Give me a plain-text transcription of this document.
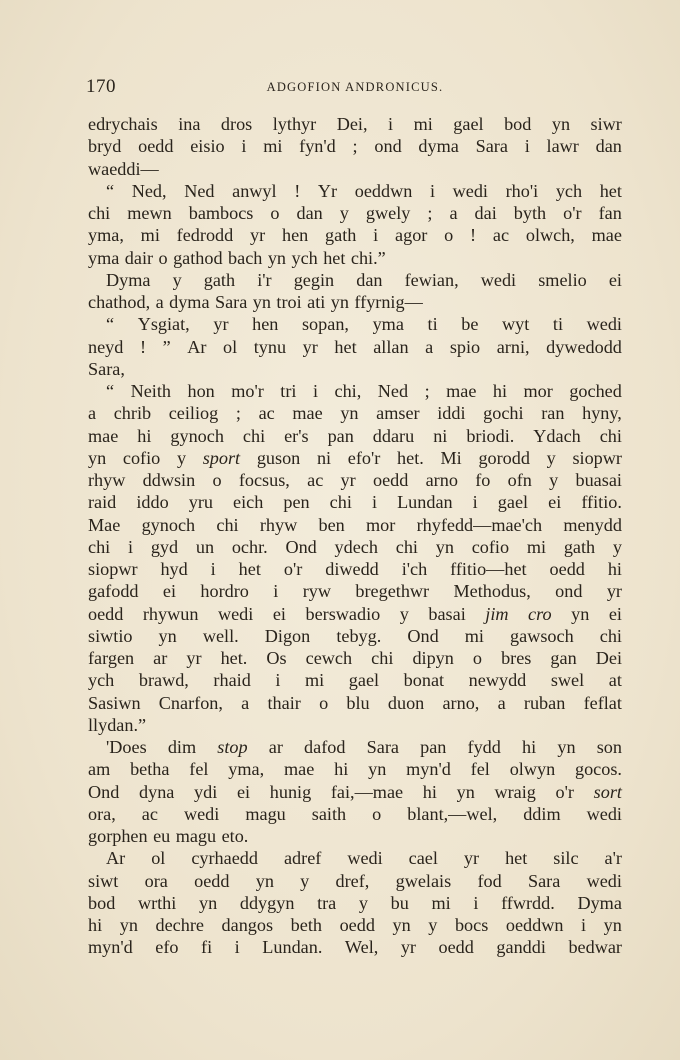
170	ADGOFION ANDRONICUS.
edrychais ina dros lythyr Dei, i mi gael bod yn siwr
bryd oedd eisio i mi fyn'd ; ond dyma Sara i lawr dan
waeddi—
“ Ned, Ned anwyl ! Yr oeddwn i wedi rho'i ych het
chi mewn bambocs o dan y gwely ; a dai byth o'r fan
yma, mi fedrodd yr hen gath i agor o ! ac olwch, mae
yma dair o gathod bach yn ych het chi.”
Dyma y gath i'r gegin dan fewian, wedi smelio ei
chathod, a dyma Sara yn troi ati yn ffyrnig—
“ Ysgiat, yr hen sopan, yma ti be wyt ti wedi
neyd ! ” Ar ol tynu yr het allan a spio arni, dywedodd
Sara,
“ Neith hon mo'r tri i chi, Ned ; mae hi mor goched
a chrib ceiliog ; ac mae yn amser iddi gochi ran hyny,
mae hi gynoch chi er's pan ddaru ni briodi. Ydach chi
yn cofio y sport guson ni efo'r het. Mi gorodd y siopwr
rhyw ddwsin o focsus, ac yr oedd arno fo ofn y buasai
raid iddo yru eich pen chi i Lundan i gael ei ffitio.
Mae gynoch chi rhyw ben mor rhyfedd—mae'ch menydd
chi i gyd un ochr. Ond ydech chi yn cofio mi gath y
siopwr hyd i het o'r diwedd i'ch ffitio—het oedd hi
gafodd ei hordro i ryw bregethwr Methodus, ond yr
oedd rhywun wedi ei berswadio y basai jim cro yn ei
siwtio yn well. Digon tebyg. Ond mi gawsoch chi
fargen ar yr het. Os cewch chi dipyn o bres gan Dei
ych brawd, rhaid i mi gael bonat newydd swel at
Sasiwn Cnarfon, a thair o blu duon arno, a ruban feflat
llydan.”
'Does dim stop ar dafod Sara pan fydd hi yn son
am betha fel yma, mae hi yn myn'd fel olwyn gocos.
Ond dyna ydi ei hunig fai,—mae hi yn wraig o'r sort
ora, ac wedi magu saith o blant,—wel, ddim wedi
gorphen eu magu eto.
Ar ol cyrhaedd adref wedi cael yr het silc a'r
siwt ora oedd yn y dref, gwelais fod Sara wedi
bod wrthi yn ddygyn tra y bu mi i ffwrdd. Dyma
hi yn dechre dangos beth oedd yn y bocs oeddwn i yn
myn'd efo fi i Lundan. Wel, yr oedd ganddi bedwar
